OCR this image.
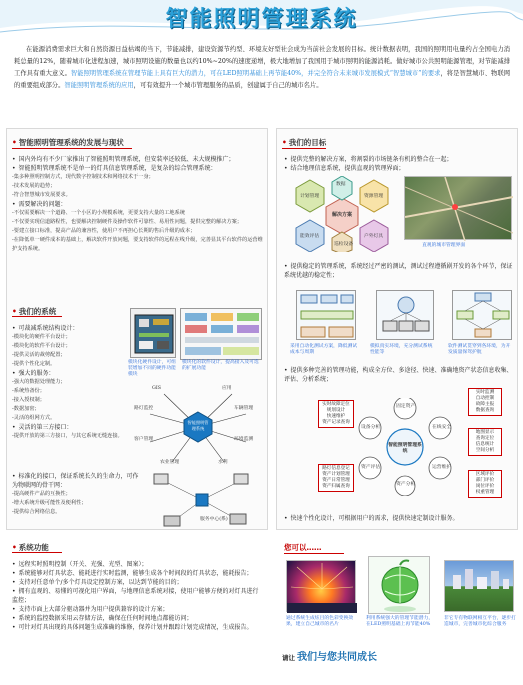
智能照明管理系统
在能源消费需求巨大和自然资源日益枯竭的当下，节能减排，建设资源节约型、环境友好型社会成为当前社会发展的目标。统计数据表明，我国的照明用电量约占全国电力消耗总量的12%，随着城市化进程加速，城市照明设施的数量也以约10%~20%的速度递增，极大地增加了我国用于城市照明的能源消耗。做好城市公共照明能源管理，对节能减排工作具有重大意义。智能照明管理系统在管理节能上具有巨大的潜力，可在LED照明基础上再节能40%，并完全符合未来城市发展模式“智慧城市”的要求，将是智慧城市、物联网的重要组成部分。智能照明管理系统的应用，可有效提升一个城市管理服务的品质，创建属于自己的城市名片。
• 智能照明管理系统的发展与现状
• 国内外均有不少厂家推出了智能照明管理系统，但安装率还较低、未大规模推广；
• 智能照明管理系统不是单一的灯具信息管理系统，是复杂的综合管理系统：
-集多种照明控制方式，现代数字控制技术和网络技术于一身；
-技术发展的趋势；
-符合智慧城市发展要求。
• 需要解决的问题：
-不仅需要解决一个道路、一个小区的小规模系统，更要支持大量的工地系统
-不仅要实现信道路程性，也要解决控制硬件及操作软件可靠性、易用性问题，提供完整的解决方案；
-要建立接口标准，提高产品的兼容性，使用户不再担心长期的售后升级的成本；
-在降低单一硬件成本的基础上，解决软件开放问题，要支持软件的远程在线升级，完善显其平台软件的运营维护支持系统。
• 我们的系统
• 可裁减系统结构设计：
-模块化的硬件平台设计；
-模块化的软件平台设计；
-提供灵活的裁剪配置；
-提供个性化定制。
• 强大的服务：
-强大的数据处理能力；
-系统热备份；
-接入授权制；
-数据加密；
-灵活的组网方式。
• 灵活的第三方接口：
-提供开放的第三方接口，与其它系统无缝连接。
• 标准化的接口，保证系统长久的生命力，可作为物联网的骨干网：
-提高硬件产品的互换性；
-增大系统升级可能性及便利性；
-提供综合网络信息。
模块化硬件设计，可组装增加不同的硬件功能模块
模块化的软件设计，提高接入及可选的扩展功能
智能照明管理系统
GIS	应用
车辆管理
环境监测
客户管理
路灯监控
农业管理	水利
服务中心(系)
• 系统功能
• 远程实时照明控制（开关、光强、光型、图案）；
• 系统能够对灯具状态、能耗进行实时监测，能够生成各个时间段的灯具状态，能耗报告；
• 支持对任意单个/多个灯具设定控制方案，以达到节能的目的；
• 拥有直观的、易懂的可视化用户界面，与地理信息系统对接，使用户能够方便的对灯具进行监控；
• 支持市面上大部分驱动器并为用户提供兼容的设计方案；
• 系统的监控数据采用云存储方法，确保在任何时间地点都能访问；
• 可针对灯具出现的具体问题生成准确的维修，保养计划并跟踪计划完成情况，生成报告。
• 我们的目标
• 提供完整的解决方案，将割裂的市场链条有机的整合在一起；
• 结合地理信息系统，提供直观的管理界面；
解决方案
计划管理	资源管理
数据
能效评估	户外灯具
巡检设备	直观的城市管理界面
• 提供稳定的管理系统，系统经过严密的测试，测试过程遵循剧开发的各个环节，保证系统优越的稳定性；
采用自动化测试方案，降低测试成本与周期
模拟真实环境，充分测试系统性能等
软件测试贯穿到各环境，为开发质量保驾护航
• 提供多种完善的管理功能，构成全方位、多途径、快速、准确地资产状态信息收集、评估、分析系统；
智能照明管理系统
固定资产
在线安全
运营维护
资产分析
资产评估
设备分析
实时故障定位
规划设计
快速维护
资产记录查询
路灯信息登记
资产计划管理
资产日常管理
资产归属查询
实时监测
自动控制
故障主报
数据查询
地图显示
查询定位
信息统计
空间分析
区域评价
部门评价
岗位评价
权重管理
• 快速个性化设计，可根据用户的需求，提供快速定制设计服务。
您可以……
通过系统生成炫目的色彩变换效果，建立自己城市的名片
利用系统强大的管理节能潜力，在LED照明基础上再节能40%
非它专有物联网相互平台，逐步打造城市，完善城市化综合服务
请让 我们与您共同成长
